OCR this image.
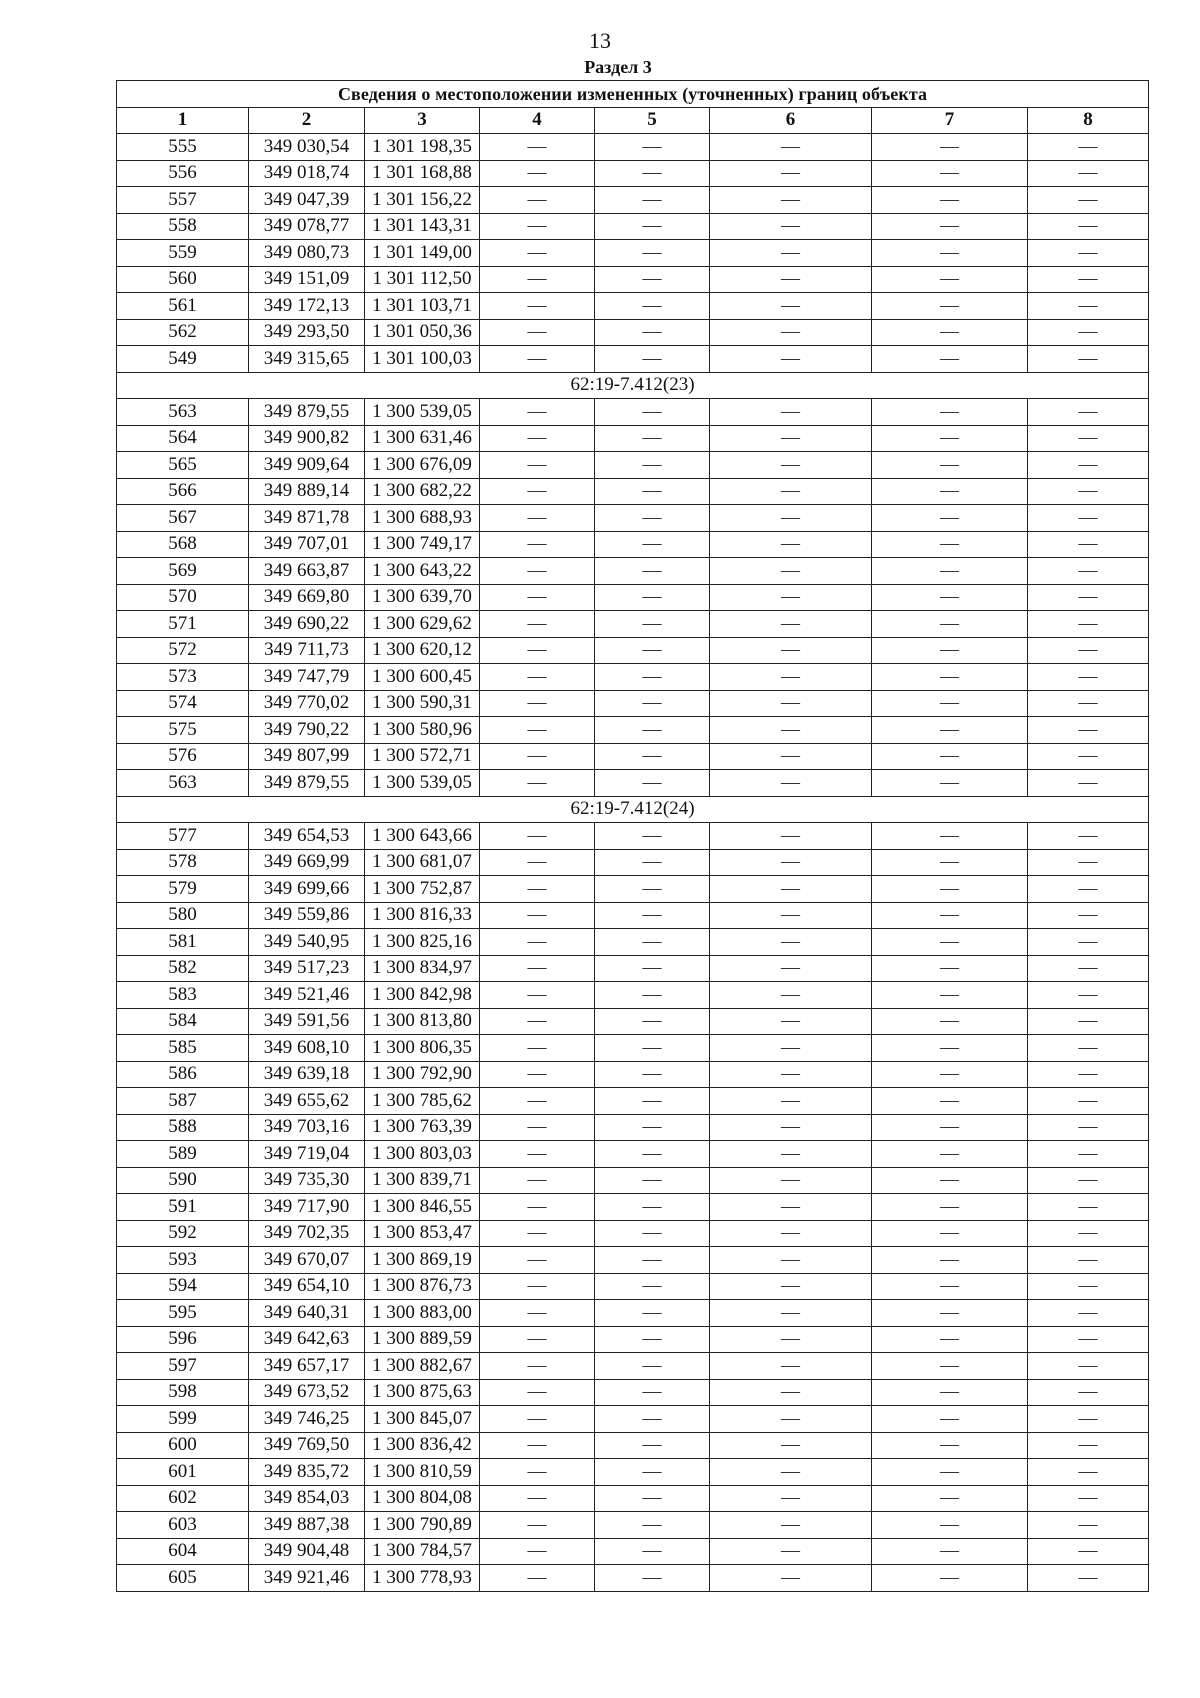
13
Раздел 3
Сведения о местоположении измененных (уточненных) границ объекта							
1	2	3	4	5	6	7	8
555	349 030,54	1 301 198,35	—	—	—	—	—
556	349 018,74	1 301 168,88	—	—	—	—	—
557	349 047,39	1 301 156,22	—	—	—	—	—
558	349 078,77	1 301 143,31	—	—	—	—	—
559	349 080,73	1 301 149,00	—	—	—	—	—
560	349 151,09	1 301 112,50	—	—	—	—	—
561	349 172,13	1 301 103,71	—	—	—	—	—
562	349 293,50	1 301 050,36	—	—	—	—	—
549	349 315,65	1 301 100,03	—	—	—	—	—
62:19-7.412(23)							
563	349 879,55	1 300 539,05	—	—	—	—	—
564	349 900,82	1 300 631,46	—	—	—	—	—
565	349 909,64	1 300 676,09	—	—	—	—	—
566	349 889,14	1 300 682,22	—	—	—	—	—
567	349 871,78	1 300 688,93	—	—	—	—	—
568	349 707,01	1 300 749,17	—	—	—	—	—
569	349 663,87	1 300 643,22	—	—	—	—	—
570	349 669,80	1 300 639,70	—	—	—	—	—
571	349 690,22	1 300 629,62	—	—	—	—	—
572	349 711,73	1 300 620,12	—	—	—	—	—
573	349 747,79	1 300 600,45	—	—	—	—	—
574	349 770,02	1 300 590,31	—	—	—	—	—
575	349 790,22	1 300 580,96	—	—	—	—	—
576	349 807,99	1 300 572,71	—	—	—	—	—
563	349 879,55	1 300 539,05	—	—	—	—	—
62:19-7.412(24)							
577	349 654,53	1 300 643,66	—	—	—	—	—
578	349 669,99	1 300 681,07	—	—	—	—	—
579	349 699,66	1 300 752,87	—	—	—	—	—
580	349 559,86	1 300 816,33	—	—	—	—	—
581	349 540,95	1 300 825,16	—	—	—	—	—
582	349 517,23	1 300 834,97	—	—	—	—	—
583	349 521,46	1 300 842,98	—	—	—	—	—
584	349 591,56	1 300 813,80	—	—	—	—	—
585	349 608,10	1 300 806,35	—	—	—	—	—
586	349 639,18	1 300 792,90	—	—	—	—	—
587	349 655,62	1 300 785,62	—	—	—	—	—
588	349 703,16	1 300 763,39	—	—	—	—	—
589	349 719,04	1 300 803,03	—	—	—	—	—
590	349 735,30	1 300 839,71	—	—	—	—	—
591	349 717,90	1 300 846,55	—	—	—	—	—
592	349 702,35	1 300 853,47	—	—	—	—	—
593	349 670,07	1 300 869,19	—	—	—	—	—
594	349 654,10	1 300 876,73	—	—	—	—	—
595	349 640,31	1 300 883,00	—	—	—	—	—
596	349 642,63	1 300 889,59	—	—	—	—	—
597	349 657,17	1 300 882,67	—	—	—	—	—
598	349 673,52	1 300 875,63	—	—	—	—	—
599	349 746,25	1 300 845,07	—	—	—	—	—
600	349 769,50	1 300 836,42	—	—	—	—	—
601	349 835,72	1 300 810,59	—	—	—	—	—
602	349 854,03	1 300 804,08	—	—	—	—	—
603	349 887,38	1 300 790,89	—	—	—	—	—
604	349 904,48	1 300 784,57	—	—	—	—	—
605	349 921,46	1 300 778,93	—	—	—	—	—
